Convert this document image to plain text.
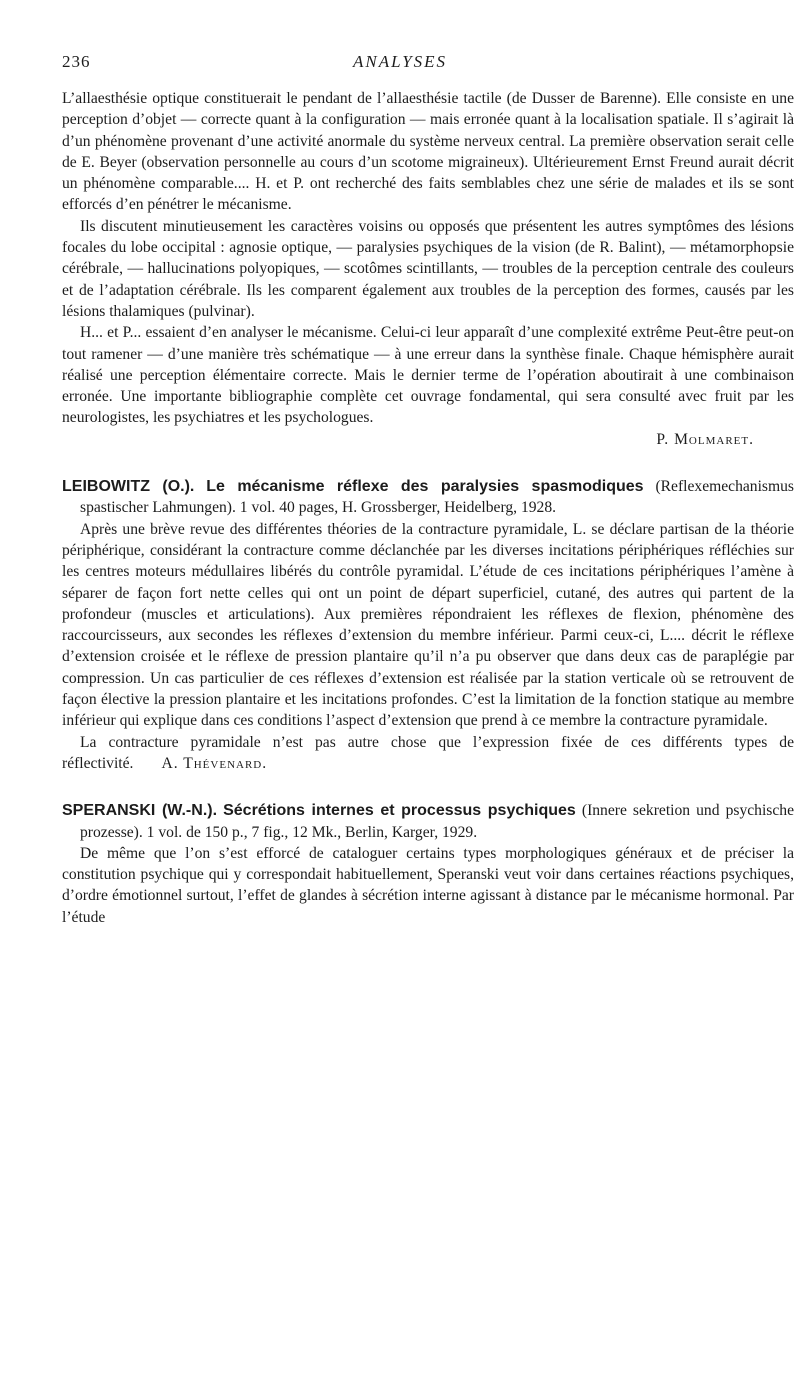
236	ANALYSES

L’allaesthésie optique constituerait le pendant de l’allaesthésie tactile (de Dusser de Barenne). Elle consiste en une perception d’objet — correcte quant à la configuration — mais erronée quant à la localisation spatiale. Il s’agirait là d’un phénomène provenant d’une activité anormale du système nerveux central. La première observation serait celle de E. Beyer (observation personnelle au cours d’un scotome migraineux). Ultérieurement Ernst Freund aurait décrit un phénomène comparable.... H. et P. ont recherché des faits semblables chez une série de malades et ils se sont efforcés d’en pénétrer le mécanisme.

Ils discutent minutieusement les caractères voisins ou opposés que présentent les autres symptômes des lésions focales du lobe occipital : agnosie optique, — paralysies psychiques de la vision (de R. Balint), — métamorphopsie cérébrale, — hallucinations polyopiques, — scotômes scintillants, — troubles de la perception centrale des couleurs et de l’adaptation cérébrale. Ils les comparent également aux troubles de la perception des formes, causés par les lésions thalamiques (pulvinar).

H... et P... essaient d’en analyser le mécanisme. Celui-ci leur apparaît d’une complexité extrême Peut-être peut-on tout ramener — d’une manière très schématique — à une erreur dans la synthèse finale. Chaque hémisphère aurait réalisé une perception élémentaire correcte. Mais le dernier terme de l’opération aboutirait à une combinaison erronée. Une importante bibliographie complète cet ouvrage fondamental, qui sera consulté avec fruit par les neurologistes, les psychiatres et les psychologues.

P. Molmaret.

LEIBOWITZ (O.). Le mécanisme réflexe des paralysies spasmodiques (Reflexemechanismus spastischer Lahmungen). 1 vol. 40 pages, H. Grossberger, Heidelberg, 1928.

Après une brève revue des différentes théories de la contracture pyramidale, L. se déclare partisan de la théorie périphérique, considérant la contracture comme déclanchée par les diverses incitations périphériques réfléchies sur les centres moteurs médullaires libérés du contrôle pyramidal. L’étude de ces incitations périphériques l’amène à séparer de façon fort nette celles qui ont un point de départ superficiel, cutané, des autres qui partent de la profondeur (muscles et articulations). Aux premières répondraient les réflexes de flexion, phénomène des raccourcisseurs, aux secondes les réflexes d’extension du membre inférieur. Parmi ceux-ci, L.... décrit le réflexe d’extension croisée et le réflexe de pression plantaire qu’il n’a pu observer que dans deux cas de paraplégie par compression. Un cas particulier de ces réflexes d’extension est réalisée par la station verticale où se retrouvent de façon élective la pression plantaire et les incitations profondes. C’est la limitation de la fonction statique au membre inférieur qui explique dans ces conditions l’aspect d’extension que prend à ce membre la contracture pyramidale.

La contracture pyramidale n’est pas autre chose que l’expression fixée de ces différents types de réflectivité. A. Thévenard.

SPERANSKI (W.-N.). Sécrétions internes et processus psychiques (Innere sekretion und psychische prozesse). 1 vol. de 150 p., 7 fig., 12 Mk., Berlin, Karger, 1929.

De même que l’on s’est efforcé de cataloguer certains types morphologiques généraux et de préciser la constitution psychique qui y correspondait habituellement, Speranski veut voir dans certaines réactions psychiques, d’ordre émotionnel surtout, l’effet de glandes à sécrétion interne agissant à distance par le mécanisme hormonal. Par l’étude
